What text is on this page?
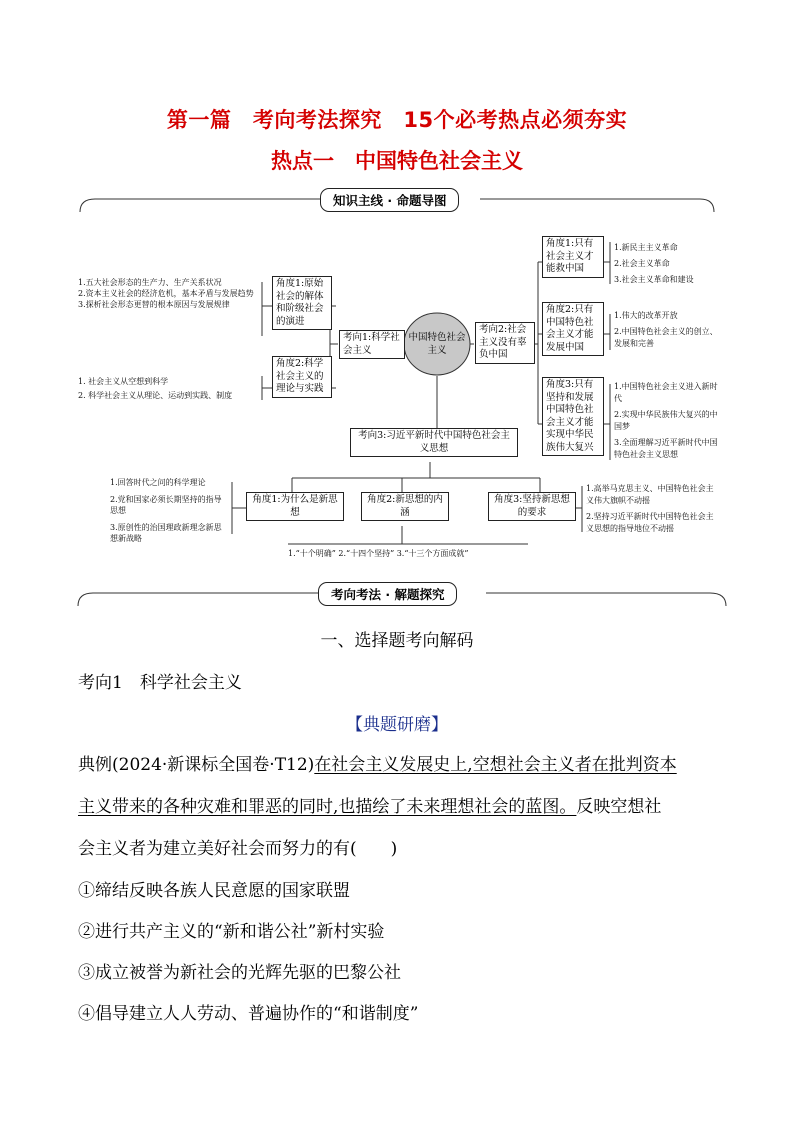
第一篇　考向考法探究　15个必考热点必须夯实
热点一　中国特色社会主义
知识主线 · 命题导图
中国特色社会主义
考向1:科学社会主义
角度1:原始社会的解体和阶级社会的演进
角度2:科学社会主义的理论与实践
1.五大社会形态的生产力、生产关系状况
2.资本主义社会的经济危机，基本矛盾与发展趋势
3.探析社会形态更替的根本原因与发展规律
1. 社会主义从空想到科学
2. 科学社会主义从理论、运动到实践、制度
考向2:社会主义没有辜负中国
角度1:只有社会主义才能救中国
角度2:只有中国特色社会主义才能发展中国
角度3:只有坚持和发展中国特色社会主义才能实现中华民族伟大复兴
1.新民主主义革命
2.社会主义革命
3.社会主义革命和建设
1.伟大的改革开放
2.中国特色社会主义的创立、发展和完善
1.中国特色社会主义进入新时代
2.实现中华民族伟大复兴的中国梦
3.全面理解习近平新时代中国特色社会主义思想
考向3:习近平新时代中国特色社会主义思想
角度1:为什么是新思想
角度2:新思想的内涵
角度3:坚持新思想的要求
1.回答时代之问的科学理论
2.党和国家必须长期坚持的指导思想
3.原创性的治国理政新理念新思想新战略
1.“十个明确” 2.“十四个坚持” 3.“十三个方面成就”
1.高举马克思主义、中国特色社会主义伟大旗帜不动摇
2.坚持习近平新时代中国特色社会主义思想的指导地位不动摇
考向考法 · 解题探究
一、选择题考向解码
考向1　科学社会主义
【典题研磨】
典例(2024·新课标全国卷·T12)在社会主义发展史上,空想社会主义者在批判资本
主义带来的各种灾难和罪恶的同时,也描绘了未来理想社会的蓝图。反映空想社
会主义者为建立美好社会而努力的有(　　)
①缔结反映各族人民意愿的国家联盟
②进行共产主义的“新和谐公社”新村实验
③成立被誉为新社会的光辉先驱的巴黎公社
④倡导建立人人劳动、普遍协作的“和谐制度”
